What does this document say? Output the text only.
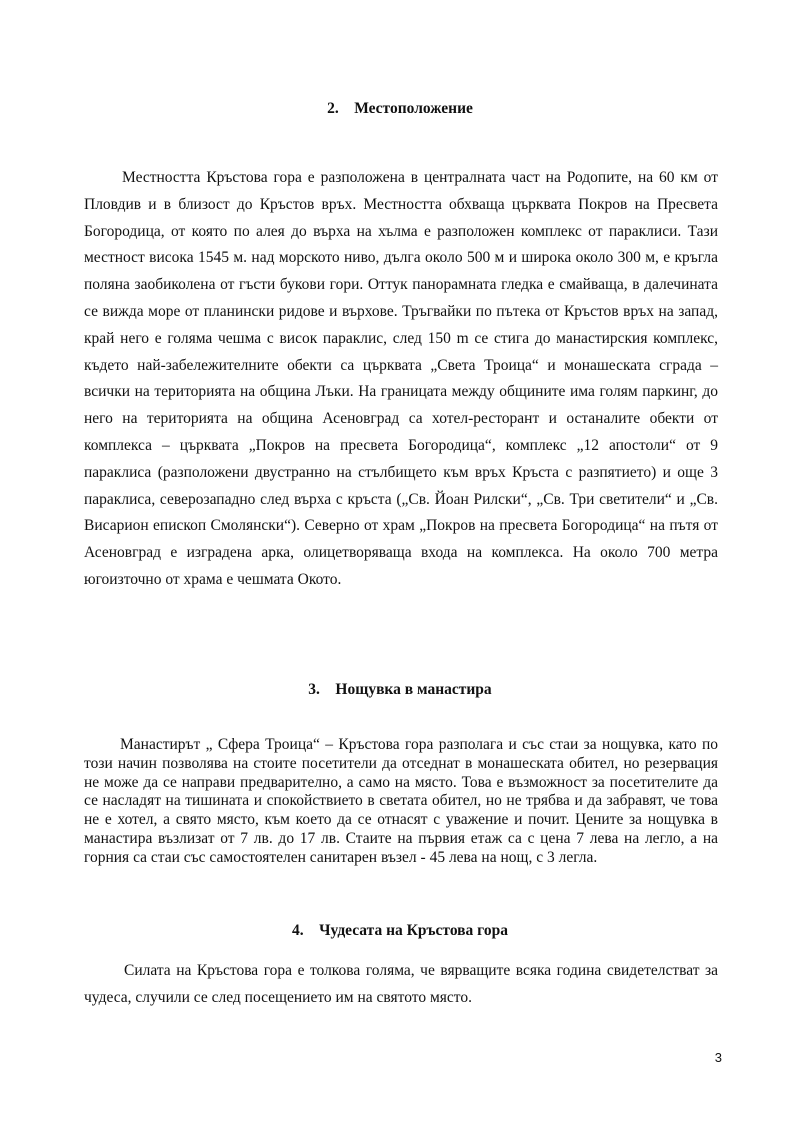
2. Местоположение
Местността Кръстова гора е разположена в централната част на Родопите, на 60 км от Пловдив и в близост до Кръстов връх. Местността обхваща църквата Покров на Пресвета Богородица, от която по алея до върха на хълма е разположен комплекс от параклиси. Тази местност висока 1545 м. над морското ниво, дълга около 500 м и широка около 300 м, е кръгла поляна заобиколена от гъсти букови гори. Оттук панорамната гледка е смайваща, в далечината се вижда море от планински ридове и върхове. Тръгвайки по пътека от Кръстов връх на запад, край него е голяма чешма с висок параклис, след 150 m се стига до манастирския комплекс, където най-забележителните обекти са църквата „Света Троица“ и монашеската сграда – всички на територията на община Лъки. На границата между общините има голям паркинг, до него на територията на община Асеновград са хотел-ресторант и останалите обекти от комплекса – църквата „Покров на пресвета Богородица“, комплекс „12 апостоли“ от 9 параклиса (разположени двустранно на стълбището към връх Кръста с разпятието) и още 3 параклиса, северозападно след върха с кръста („Св. Йоан Рилски“, „Св. Три светители“ и „Св. Висарион епископ Смолянски“). Северно от храм „Покров на пресвета Богородица“ на пътя от Асеновград е изградена арка, олицетворяваща входа на комплекса. На около 700 метра югоизточно от храма е чешмата Окото.
3. Нощувка в манастира
Манастирът „ Сфера Троица“ – Кръстова гора разполага и със стаи за нощувка, като по този начин позволява на стоите посетители да отседнат в монашеската обител, но резервация не може да се направи предварително, а само на място. Това е възможност за посетителите да се насладят на тишината и спокойствието в светата обител, но не трябва и да забравят, че това не е хотел, а свято място, към което да се отнасят с уважение и почит. Цените за нощувка в манастира възлизат от 7 лв. до 17 лв. Стаите на първия етаж са с цена 7 лева на легло, а на горния са стаи със самостоятелен санитарен възел - 45 лева на нощ, с 3 легла.
4. Чудесата на Кръстова гора
Силата на Кръстова гора е толкова голяма, че вярващите всяка година свидетелстват за чудеса, случили се след посещението им на святото място.
3
